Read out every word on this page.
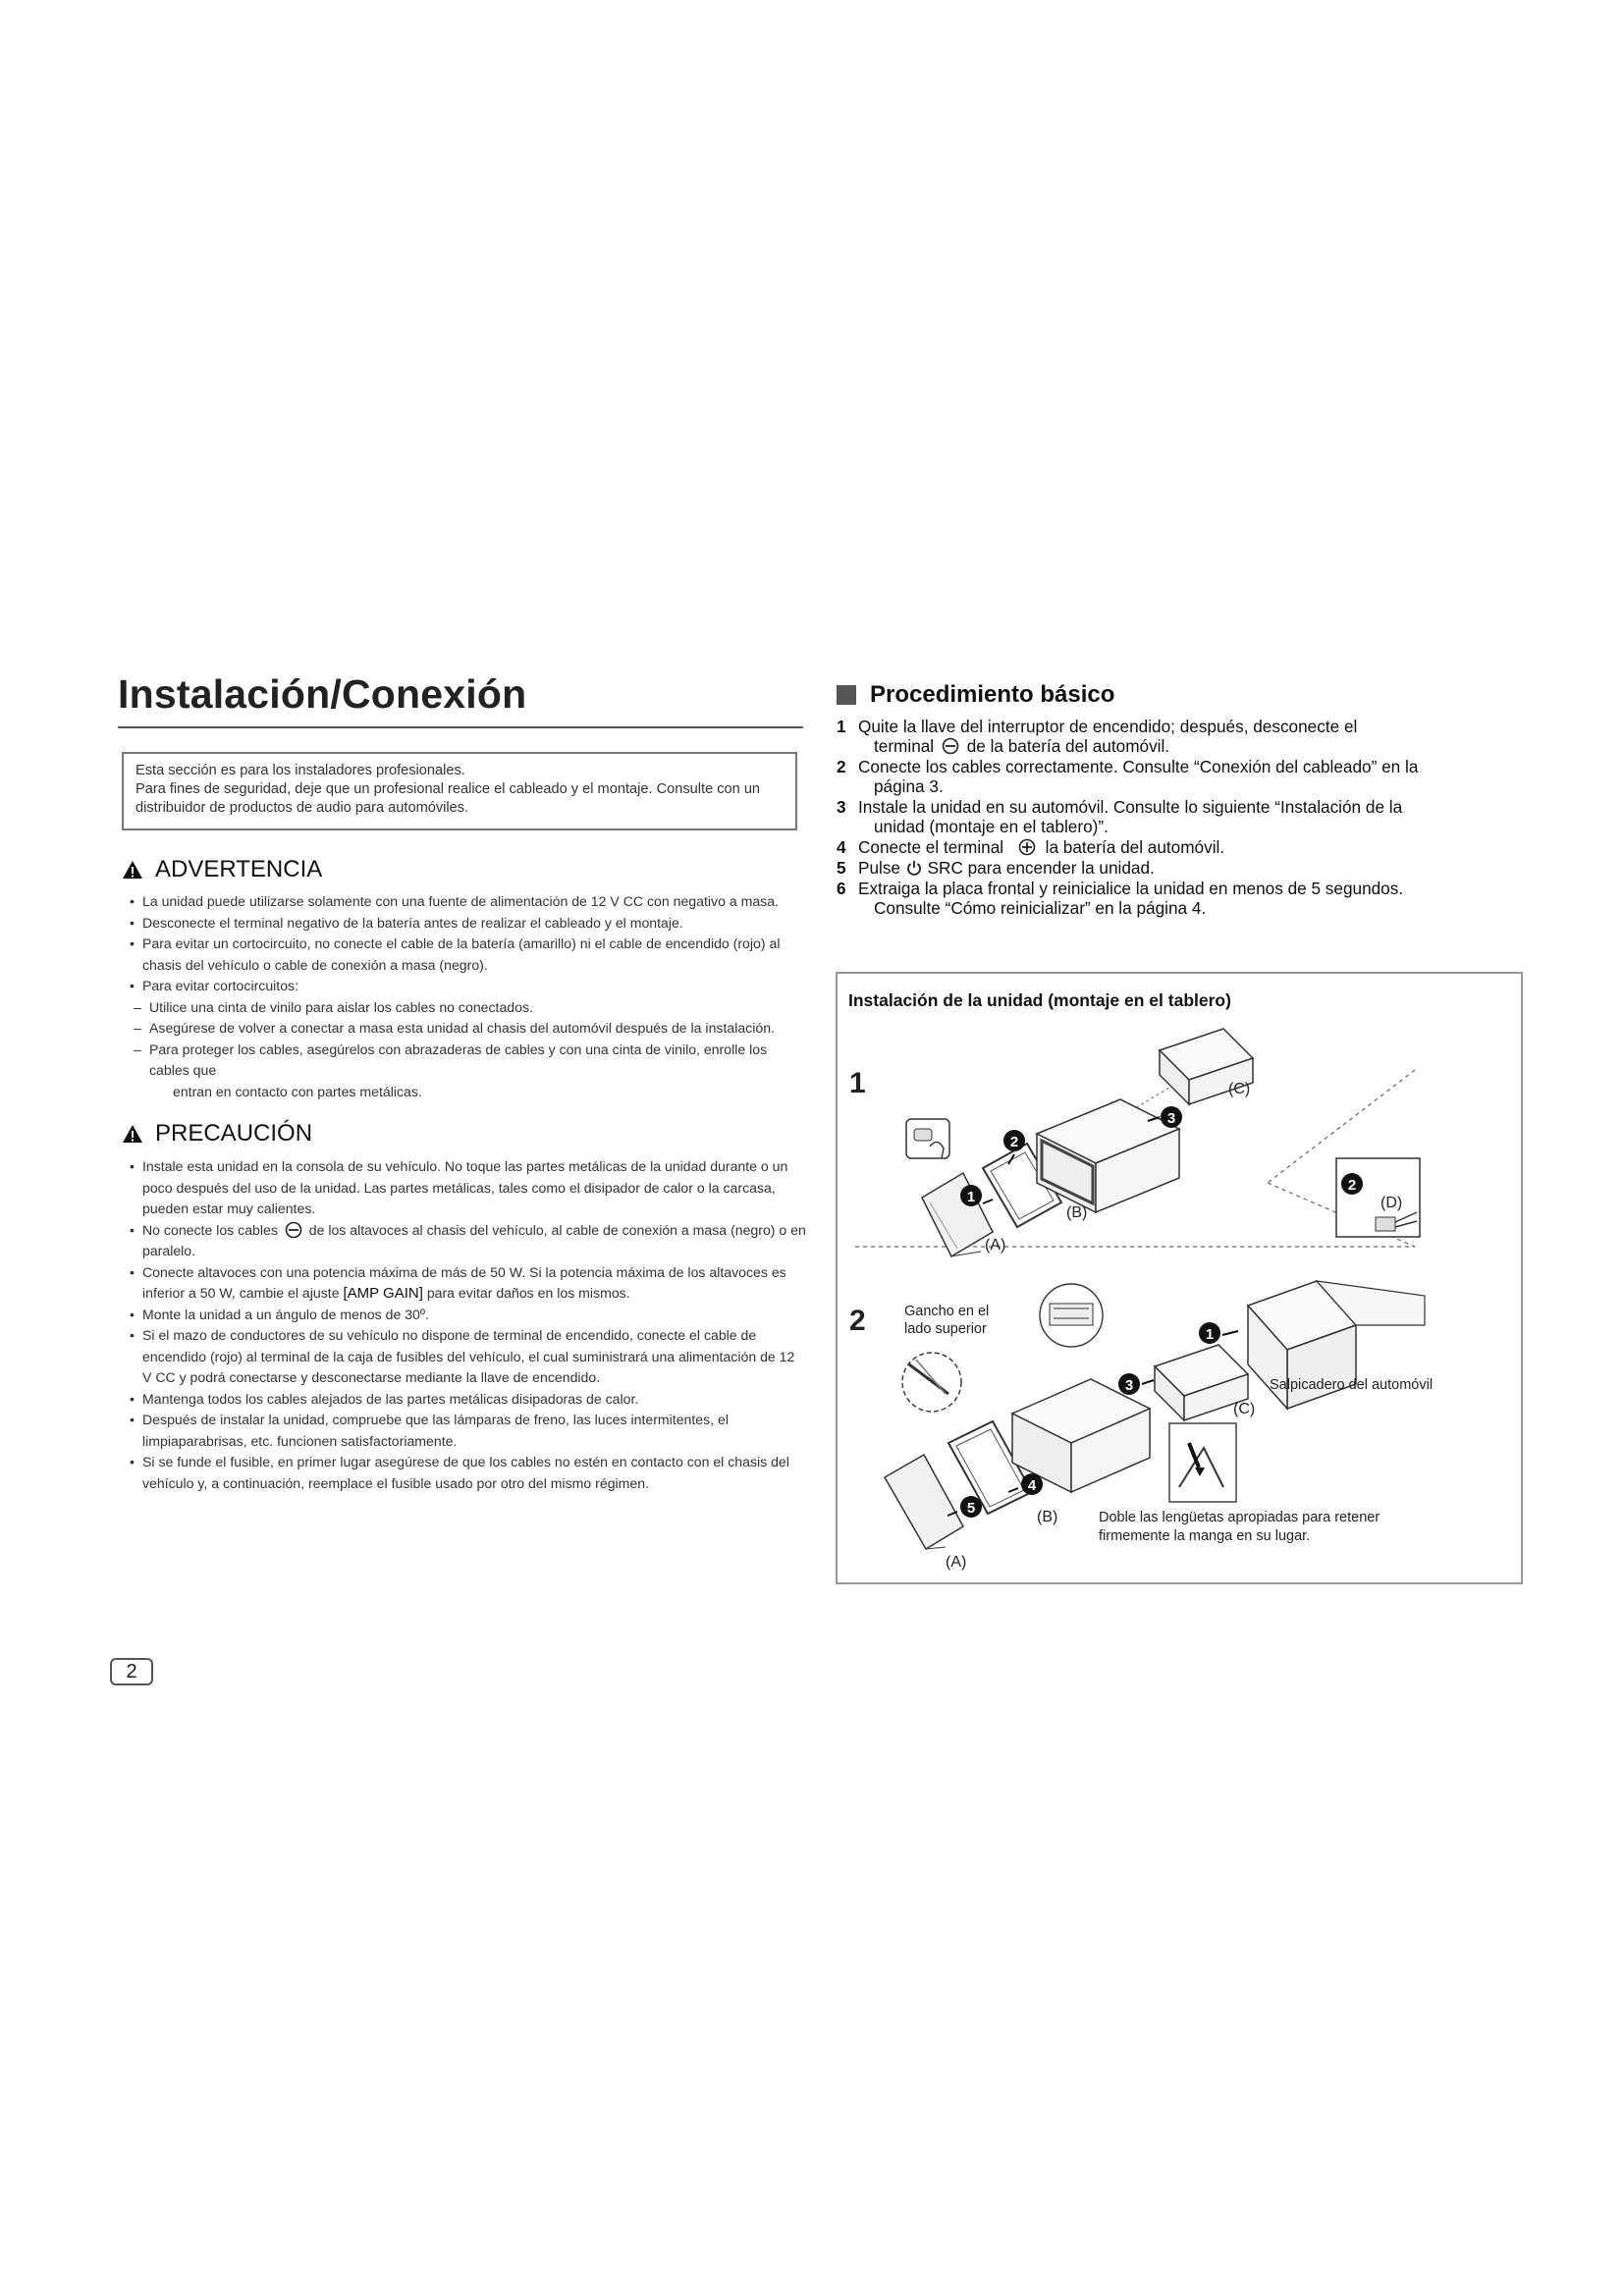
Instalación/Conexión

Esta sección es para los instaladores profesionales.

Para fines de seguridad, deje que un profesional realice el cableado y el montaje. Consulte con un distribuidor de productos de audio para automóviles.

ADVERTENCIA
• La unidad puede utilizarse solamente con una fuente de alimentación de 12 V CC con negativo a masa.
• Desconecte el terminal negativo de la batería antes de realizar el cableado y el montaje.
• Para evitar un cortocircuito, no conecte el cable de la batería (amarillo) ni el cable de encendido (rojo) al chasis del vehículo o cable de conexión a masa (negro).
• Para evitar cortocircuitos:
– Utilice una cinta de vinilo para aislar los cables no conectados.
– Asegúrese de volver a conectar a masa esta unidad al chasis del automóvil después de la instalación.
– Para proteger los cables, asegúrelos con abrazaderas de cables y con una cinta de vinilo, enrolle los cables que
entran en contacto con partes metálicas.
PRECAUCIÓN
• Instale esta unidad en la consola de su vehículo. No toque las partes metálicas de la unidad durante o un poco después del uso de la unidad. Las partes metálicas, tales como el disipador de calor o la carcasa, pueden estar muy calientes.
• No conecte los cables de los altavoces al chasis del vehículo, al cable de conexión a masa (negro) o en paralelo.
• Conecte altavoces con una potencia máxima de más de 50 W. Si la potencia máxima de los altavoces es inferior a 50 W, cambie el ajuste [AMP GAIN] para evitar daños en los mismos.
• Monte la unidad a un ángulo de menos de 30º.
• Si el mazo de conductores de su vehículo no dispone de terminal de encendido, conecte el cable de encendido (rojo) al terminal de la caja de fusibles del vehículo, el cual suministrará una alimentación de 12 V CC y podrá conectarse y desconectarse mediante la llave de encendido.
• Mantenga todos los cables alejados de las partes metálicas disipadoras de calor.
• Después de instalar la unidad, compruebe que las lámparas de freno, las luces intermitentes, el limpiaparabrisas, etc. funcionen satisfactoriamente.
• Si se funde el fusible, en primer lugar asegúrese de que los cables no estén en contacto con el chasis del vehículo y, a continuación, reemplace el fusible usado por otro del mismo régimen.
Procedimiento básico
1 Quite la llave del interruptor de encendido; después, desconecte el
terminal de la batería del automóvil.
2 Conecte los cables correctamente. Consulte “Conexión del cableado” en la
página 3.
3 Instale la unidad en su automóvil. Consulte lo siguiente “Instalación de la
unidad (montaje en el tablero)”.
4 Conecte el terminal la batería del automóvil.
5 Pulse SRC para encender la unidad.
6 Extraiga la placa frontal y reinicialice la unidad en menos de 5 segundos.
Consulte “Cómo reinicializar” en la página 4.
Instalación de la unidad (montaje en el tablero)
1
2
1
2
3
(A)
(B)
(C)
2
(D)
Gancho en el
lado superior	1
3
4
5
(A)
(B)
(C)
Salpicadero del automóvil
Doble las lengüetas apropiadas para retener
firmemente la manga en su lugar.
2
